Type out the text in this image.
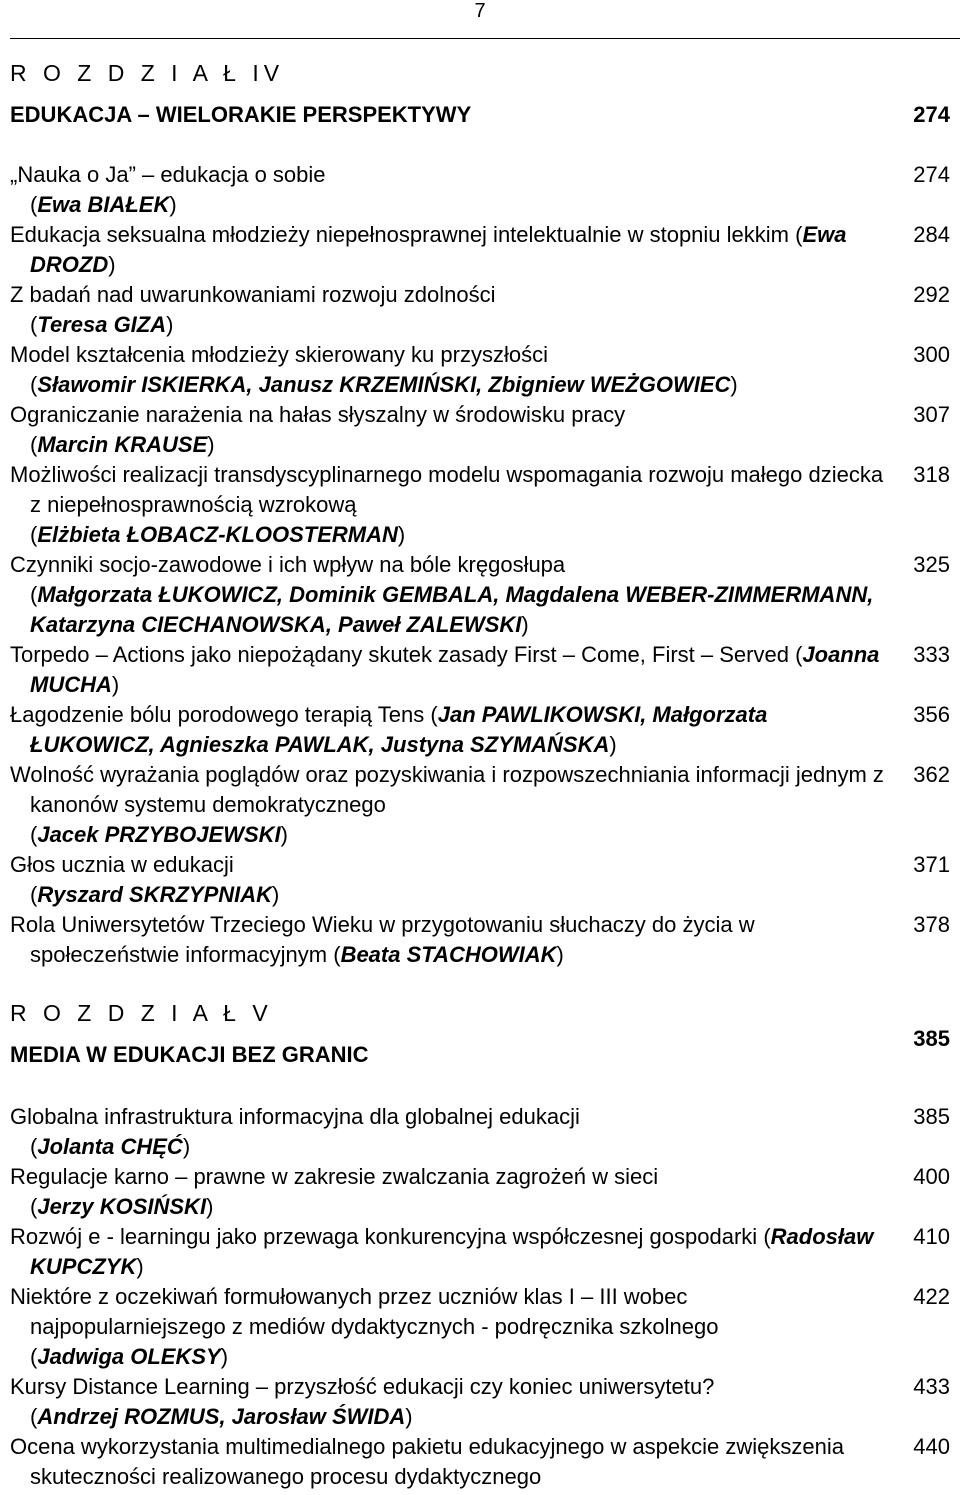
7
R O Z D Z I A Ł IV
EDUKACJA – WIELORAKIE PERSPEKTYWY	274
„Nauka o Ja” – edukacja o sobie
(Ewa BIAŁEK)
274
Edukacja seksualna młodzieży niepełnosprawnej intelektualnie w stopniu lekkim (Ewa DROZD)
284
Z badań nad uwarunkowaniami rozwoju zdolności
(Teresa GIZA)
292
Model kształcenia młodzieży skierowany ku przyszłości
(Sławomir ISKIERKA, Janusz KRZEMIŃSKI, Zbigniew WEŻGOWIEC)
300
Ograniczanie narażenia na hałas słyszalny w środowisku pracy
(Marcin KRAUSE)
307
Możliwości realizacji transdyscyplinarnego modelu wspomagania rozwoju małego dziecka z niepełnosprawnością wzrokową
(Elżbieta ŁOBACZ-KLOOSTERMAN)
318
Czynniki socjo-zawodowe i ich wpływ na bóle kręgosłupa
(Małgorzata ŁUKOWICZ, Dominik GEMBALA, Magdalena WEBER-ZIMMERMANN, Katarzyna CIECHANOWSKA, Paweł ZALEWSKI)
325
Torpedo – Actions jako niepożądany skutek zasady First – Come, First – Served (Joanna MUCHA)
333
Łagodzenie bólu porodowego terapią Tens (Jan PAWLIKOWSKI, Małgorzata ŁUKOWICZ, Agnieszka PAWLAK, Justyna SZYMAŃSKA)
356
Wolność wyrażania poglądów oraz pozyskiwania i rozpowszechniania informacji jednym z kanonów systemu demokratycznego
(Jacek PRZYBOJEWSKI)
362
Głos ucznia w edukacji
(Ryszard SKRZYPNIAK)
371
Rola Uniwersytetów Trzeciego Wieku w przygotowaniu słuchaczy do życia w społeczeństwie informacyjnym (Beata STACHOWIAK)
378
R O Z D Z I A Ł V
MEDIA W EDUKACJI BEZ GRANIC
385
Globalna infrastruktura informacyjna dla globalnej edukacji
(Jolanta CHĘĆ)
385
Regulacje karno – prawne w zakresie zwalczania zagrożeń w sieci
(Jerzy KOSIŃSKI)
400
Rozwój e - learningu jako przewaga konkurencyjna współczesnej gospodarki (Radosław KUPCZYK)
410
Niektóre z oczekiwań formułowanych przez uczniów klas I – III wobec najpopularniejszego z mediów dydaktycznych - podręcznika szkolnego
(Jadwiga OLEKSY)
422
Kursy Distance Learning – przyszłość edukacji czy koniec uniwersytetu?
(Andrzej ROZMUS, Jarosław ŚWIDA)
433
Ocena wykorzystania multimedialnego pakietu edukacyjnego w aspekcie zwiększenia skuteczności realizowanego procesu dydaktycznego
440
